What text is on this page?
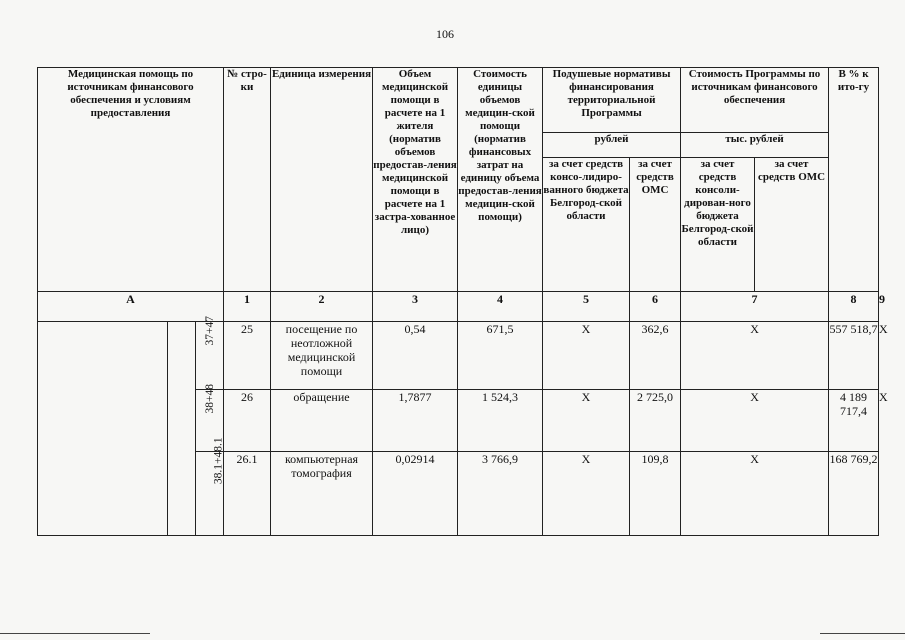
106
Медицинская помощь по источникам финансового обеспечения и условиям предоставления			№ стро-ки	Единица измерения	Объем медицинской помощи в расчете на 1 жителя (норматив объемов предостав-ления медицинской помощи в расчете на 1 застра-хованное лицо)	Стоимость единицы объемов медицин-ской помощи (норматив финансовых затрат на единицу объема предостав-ления медицин-ской помощи)	Подушевые нормативы финансирования территориальной Программы		Стоимость Программы по источникам финансового обеспечения		В % к ито-гу	
							рублей		тыс. рублей			
							за счет средств консо-лидиро-ванного бюджета Белгород-ской области	за счет средств ОМС	за счет средств консоли-дирован-ного бюджета Белгород-ской области	за счет средств ОМС		
А			1	2	3	4	5	6	7		8	9
		37+47	25	посещение по неотложной медицинской помощи	0,54	671,5	Х	362,6	Х		557 518,7	Х
		38+48	26	обращение	1,7877	1 524,3	Х	2 725,0	Х		4 189 717,4	Х
		38.1+48.1	26.1	компьютерная томография	0,02914	3 766,9	Х	109,8	Х		168 769,2	
